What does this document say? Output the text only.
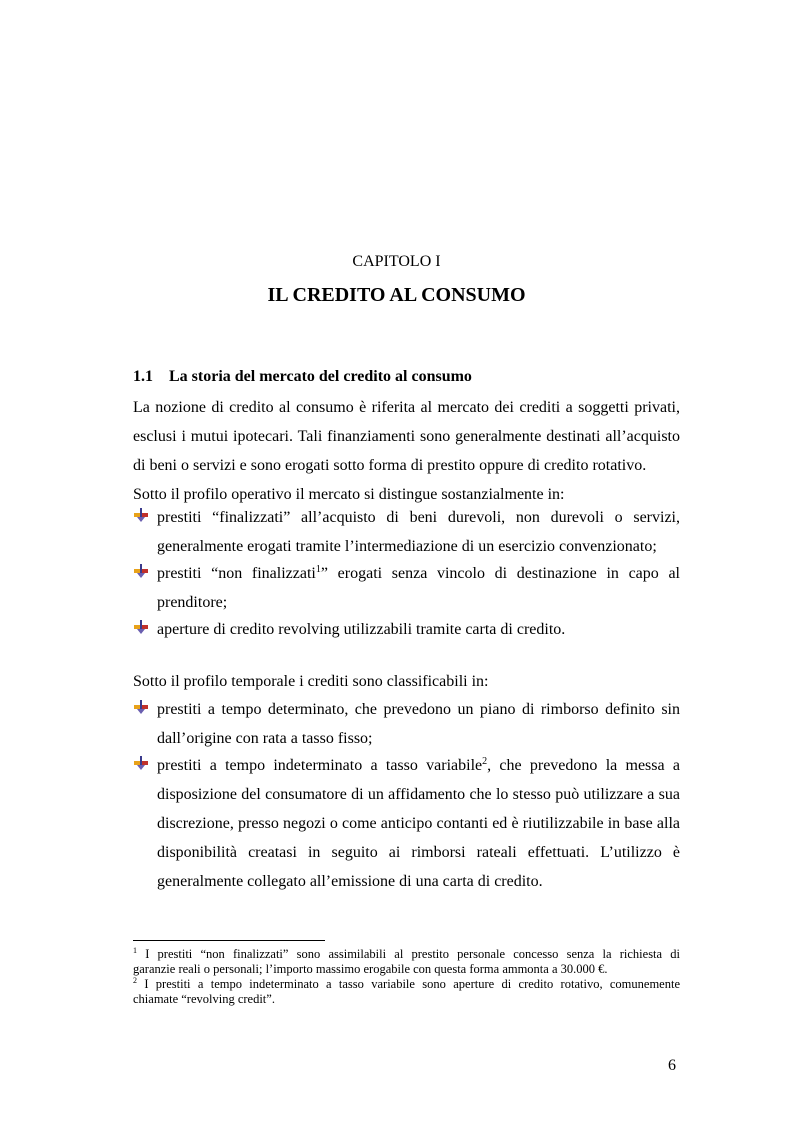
CAPITOLO I
IL CREDITO AL CONSUMO
1.1 La storia del mercato del credito al consumo
La nozione di credito al consumo è riferita al mercato dei crediti a soggetti privati,
esclusi i mutui ipotecari. Tali finanziamenti sono generalmente destinati all’acquisto
di beni o servizi e sono erogati sotto forma di prestito oppure di credito rotativo.
Sotto il profilo operativo il mercato si distingue sostanzialmente in:
prestiti “finalizzati” all’acquisto di beni durevoli, non durevoli o servizi,
generalmente erogati tramite l’intermediazione di un esercizio convenzionato;
prestiti “non finalizzati$^1$” erogati senza vincolo di destinazione in capo al
prenditore;
aperture di credito revolving utilizzabili tramite carta di credito.
Sotto il profilo temporale i crediti sono classificabili in:
prestiti a tempo determinato, che prevedono un piano di rimborso definito sin
dall’origine con rata a tasso fisso;
prestiti a tempo indeterminato a tasso variabile$^2$, che prevedono la messa a
disposizione del consumatore di un affidamento che lo stesso può utilizzare a sua
discrezione, presso negozi o come anticipo contanti ed è riutilizzabile in base alla
disponibilità creatasi in seguito ai rimborsi rateali effettuati. L’utilizzo è
generalmente collegato all’emissione di una carta di credito.
$^1$ I prestiti “non finalizzati” sono assimilabili al prestito personale concesso senza la richiesta di
garanzie reali o personali; l’importo massimo erogabile con questa forma ammonta a 30.000 €.
$^2$ I prestiti a tempo indeterminato a tasso variabile sono aperture di credito rotativo, comunemente
chiamate “revolving credit”.
6
